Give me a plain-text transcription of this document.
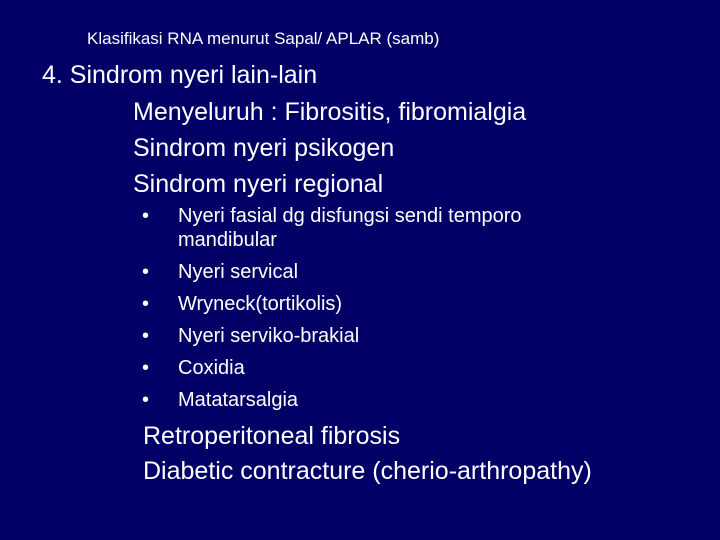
Klasifikasi RNA menurut Sapal/ APLAR (samb)
4. Sindrom nyeri lain-lain
Menyeluruh : Fibrositis, fibromialgia
Sindrom nyeri psikogen
Sindrom nyeri regional
•	Nyeri fasial dg disfungsi sendi temporo mandibular
•	Nyeri servical
•	Wryneck(tortikolis)
•	Nyeri serviko-brakial
•	Coxidia
•	Matatarsalgia
Retroperitoneal fibrosis
Diabetic contracture (cherio-arthropathy)
